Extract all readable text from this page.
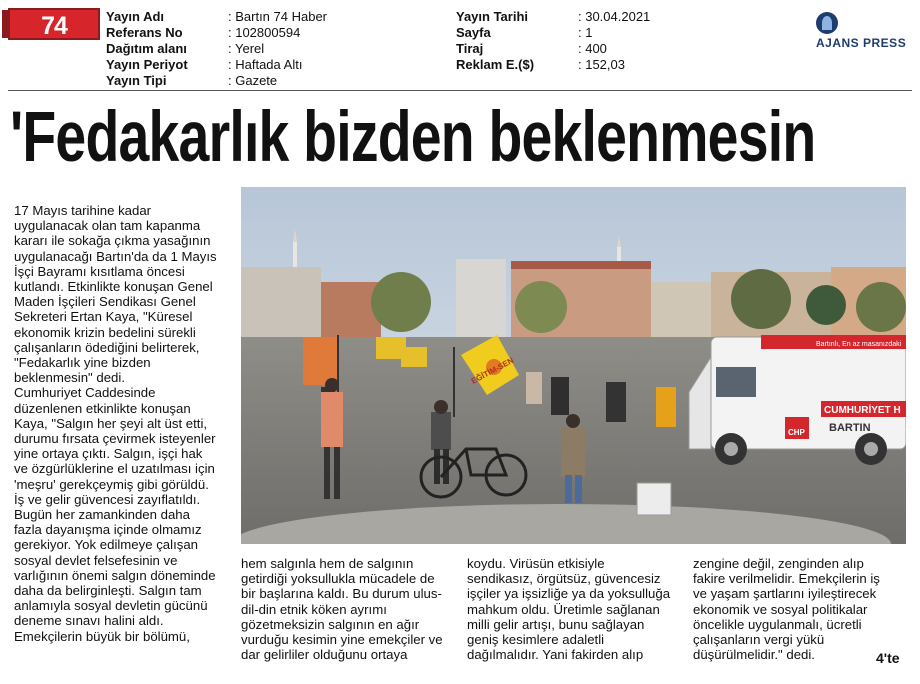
74 HABER
Yayın Adı	: Bartın 74 Haber
Referans No	: 102800594
Dağıtım alanı	: Yerel
Yayın Periyot	: Haftada Altı
Yayın Tipi	: Gazete
Yayın Tarihi	: 30.04.2021
Sayfa	: 1
Tiraj	: 400
Reklam E.($)	: 152,03
AJANS PRESS
'Fedakarlık bizden beklenmesin

17 Mayıs tarihine kadar

uygulanacak olan tam kapanma

kararı ile sokağa çıkma yasağının

uygulanacağı Bartın'da da 1 Mayıs

İşçi Bayramı kısıtlama öncesi

kutlandı. Etkinlikte konuşan Genel

Maden İşçileri Sendikası Genel

Sekreteri Ertan Kaya, "Küresel

ekonomik krizin bedelini sürekli

çalışanların ödediğini belirterek,

"Fedakarlık yine bizden

beklenmesin" dedi.

Cumhuriyet Caddesinde

düzenlenen etkinlikte konuşan

Kaya, "Salgın her şeyi alt üst etti,

durumu fırsata çevirmek isteyenler

yine ortaya çıktı. Salgın, işçi hak

ve özgürlüklerine el uzatılması için

'meşru' gerekçeymiş gibi görüldü.

İş ve gelir güvencesi zayıflatıldı.

Bugün her zamankinden daha

fazla dayanışma içinde olmamız

gerekiyor. Yok edilmeye çalışan

sosyal devlet felsefesinin ve

varlığının önemi salgın döneminde

daha da belirginleşti. Salgın tam

anlamıyla sosyal devletin gücünü

deneme sınavı halini aldı.

Emekçilerin büyük bir bölümü,

EĞİTİM-SEN
Bartınlı, En az masanızdaki
CUMHURİYET H
BARTIN
CHP

hem salgınla hem de salgının

getirdiği yoksullukla mücadele de

bir başlarına kaldı. Bu durum ulus-

dil-din etnik köken ayrımı

gözetmeksizin salgının en ağır

vurduğu kesimin yine emekçiler ve

dar gelirliler olduğunu ortaya

koydu. Virüsün etkisiyle

sendikasız, örgütsüz, güvencesiz

işçiler ya işsizliğe ya da yoksulluğa

mahkum oldu. Üretimle sağlanan

milli gelir artışı, bunu sağlayan

geniş kesimlere adaletli

dağılmalıdır. Yani fakirden alıp

zengine değil, zenginden alıp

fakire verilmelidir. Emekçilerin iş

ve yaşam şartlarını iyileştirecek

ekonomik ve sosyal politikalar

öncelikle uygulanmalı, ücretli

çalışanların vergi yükü

düşürülmelidir." dedi.	4'te
